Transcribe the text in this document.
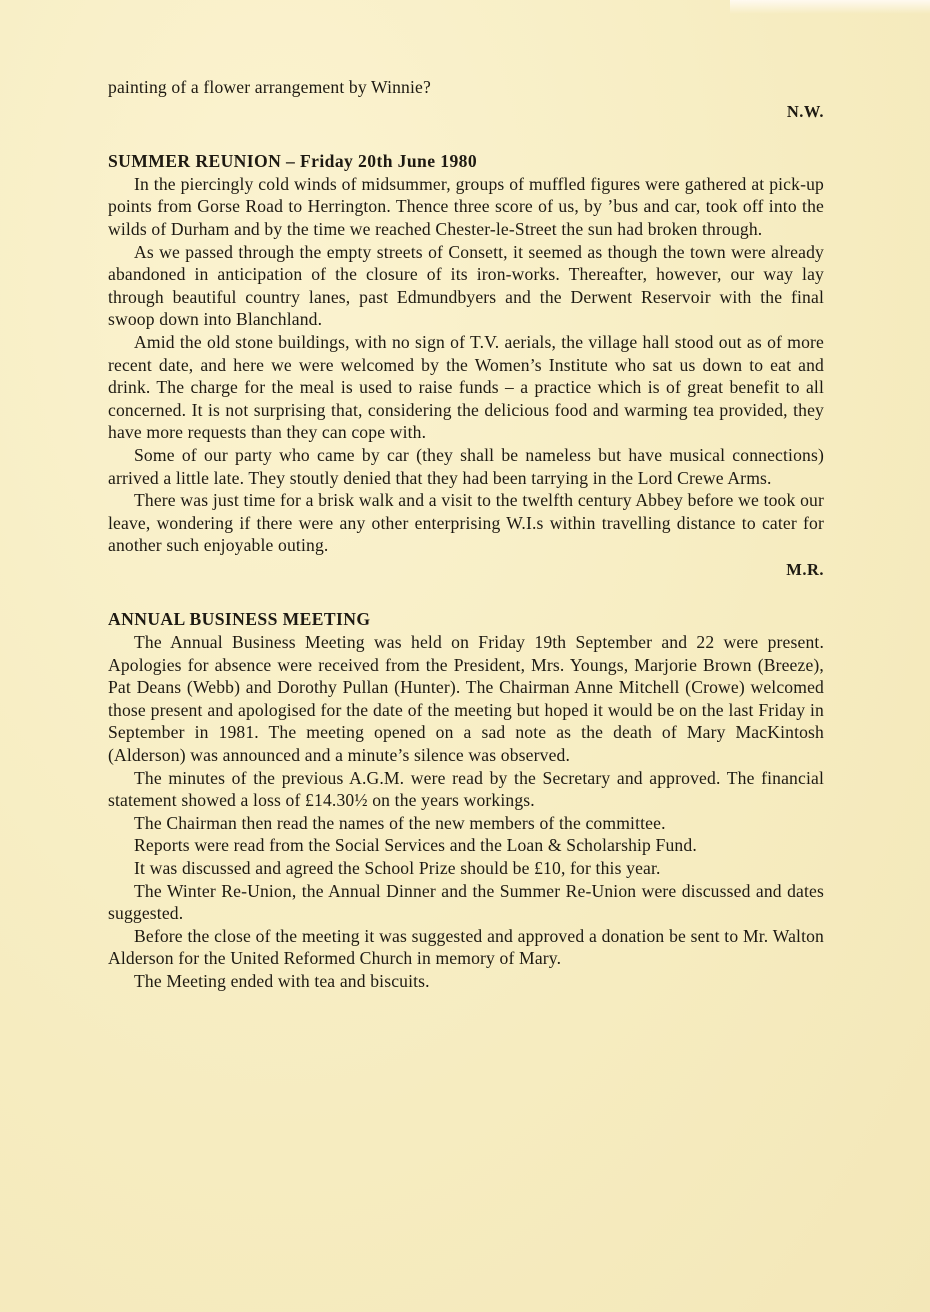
painting of a flower arrangement by Winnie?

N.W.

SUMMER REUNION – Friday 20th June 1980

In the piercingly cold winds of midsummer, groups of muffled figures were gathered at pick-up points from Gorse Road to Herrington. Thence three score of us, by ’bus and car, took off into the wilds of Durham and by the time we reached Chester-le-Street the sun had broken through.

As we passed through the empty streets of Consett, it seemed as though the town were already abandoned in anticipation of the closure of its iron-works. Thereafter, however, our way lay through beautiful country lanes, past Edmundbyers and the Derwent Reservoir with the final swoop down into Blanchland.

Amid the old stone buildings, with no sign of T.V. aerials, the village hall stood out as of more recent date, and here we were welcomed by the Women’s Institute who sat us down to eat and drink. The charge for the meal is used to raise funds – a practice which is of great benefit to all concerned. It is not surprising that, considering the delicious food and warming tea provided, they have more requests than they can cope with.

Some of our party who came by car (they shall be nameless but have musical connections) arrived a little late. They stoutly denied that they had been tarrying in the Lord Crewe Arms.

There was just time for a brisk walk and a visit to the twelfth century Abbey before we took our leave, wondering if there were any other enterprising W.I.s within travelling distance to cater for another such enjoyable outing.

M.R.

ANNUAL BUSINESS MEETING

The Annual Business Meeting was held on Friday 19th September and 22 were present. Apologies for absence were received from the President, Mrs. Youngs, Marjorie Brown (Breeze), Pat Deans (Webb) and Dorothy Pullan (Hunter). The Chairman Anne Mitchell (Crowe) welcomed those present and apologised for the date of the meeting but hoped it would be on the last Friday in September in 1981. The meeting opened on a sad note as the death of Mary MacKintosh (Alderson) was announced and a minute’s silence was observed.

The minutes of the previous A.G.M. were read by the Secretary and approved. The financial statement showed a loss of £14.30½ on the years workings.

The Chairman then read the names of the new members of the committee.

Reports were read from the Social Services and the Loan & Scholarship Fund.

It was discussed and agreed the School Prize should be £10, for this year.

The Winter Re-Union, the Annual Dinner and the Summer Re-Union were discussed and dates suggested.

Before the close of the meeting it was suggested and approved a donation be sent to Mr. Walton Alderson for the United Reformed Church in memory of Mary.

The Meeting ended with tea and biscuits.
